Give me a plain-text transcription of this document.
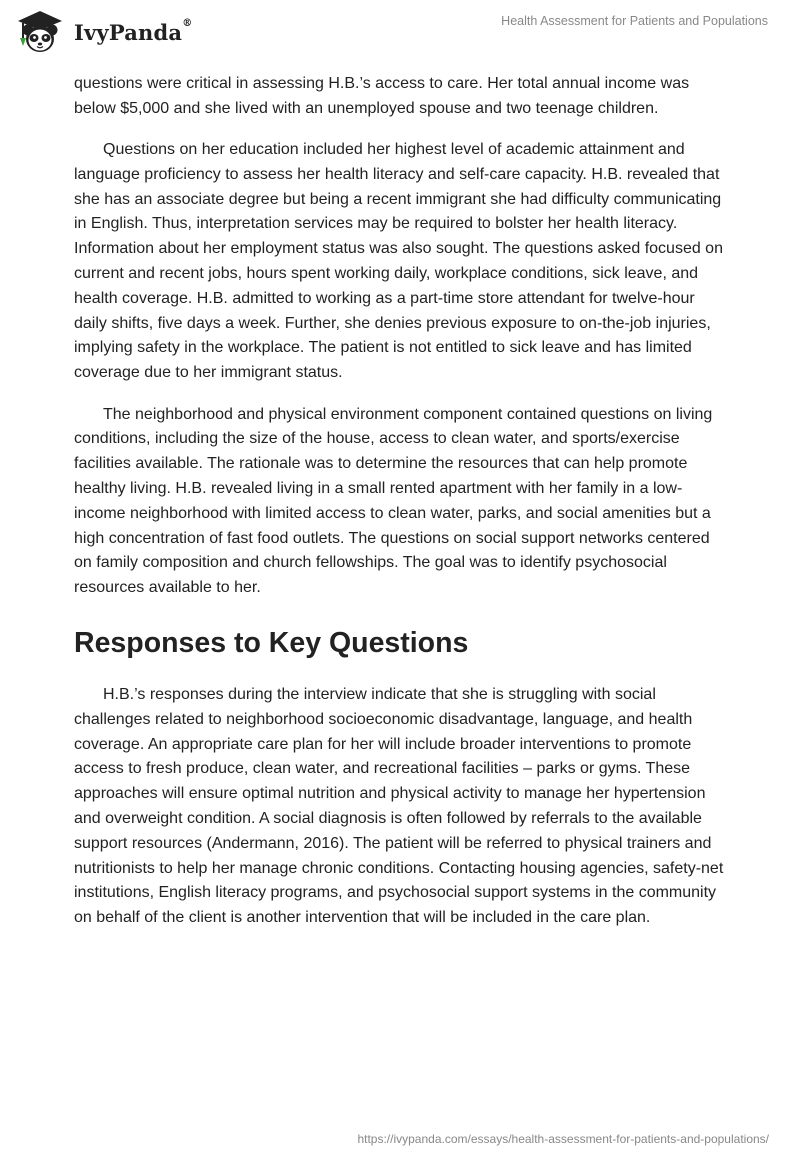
IvyPanda®	Health Assessment for Patients and Populations

questions were critical in assessing H.B.’s access to care. Her total annual income was below $5,000 and she lived with an unemployed spouse and two teenage children.

Questions on her education included her highest level of academic attainment and language proficiency to assess her health literacy and self-care capacity. H.B. revealed that she has an associate degree but being a recent immigrant she had difficulty communicating in English. Thus, interpretation services may be required to bolster her health literacy. Information about her employment status was also sought. The questions asked focused on current and recent jobs, hours spent working daily, workplace conditions, sick leave, and health coverage. H.B. admitted to working as a part-time store attendant for twelve-hour daily shifts, five days a week. Further, she denies previous exposure to on-the-job injuries, implying safety in the workplace. The patient is not entitled to sick leave and has limited coverage due to her immigrant status.

The neighborhood and physical environment component contained questions on living conditions, including the size of the house, access to clean water, and sports/exercise facilities available. The rationale was to determine the resources that can help promote healthy living. H.B. revealed living in a small rented apartment with her family in a low-income neighborhood with limited access to clean water, parks, and social amenities but a high concentration of fast food outlets. The questions on social support networks centered on family composition and church fellowships. The goal was to identify psychosocial resources available to her.

Responses to Key Questions

H.B.’s responses during the interview indicate that she is struggling with social challenges related to neighborhood socioeconomic disadvantage, language, and health coverage. An appropriate care plan for her will include broader interventions to promote access to fresh produce, clean water, and recreational facilities – parks or gyms. These approaches will ensure optimal nutrition and physical activity to manage her hypertension and overweight condition. A social diagnosis is often followed by referrals to the available support resources (Andermann, 2016). The patient will be referred to physical trainers and nutritionists to help her manage chronic conditions. Contacting housing agencies, safety-net institutions, English literacy programs, and psychosocial support systems in the community on behalf of the client is another intervention that will be included in the care plan.

https://ivypanda.com/essays/health-assessment-for-patients-and-populations/
